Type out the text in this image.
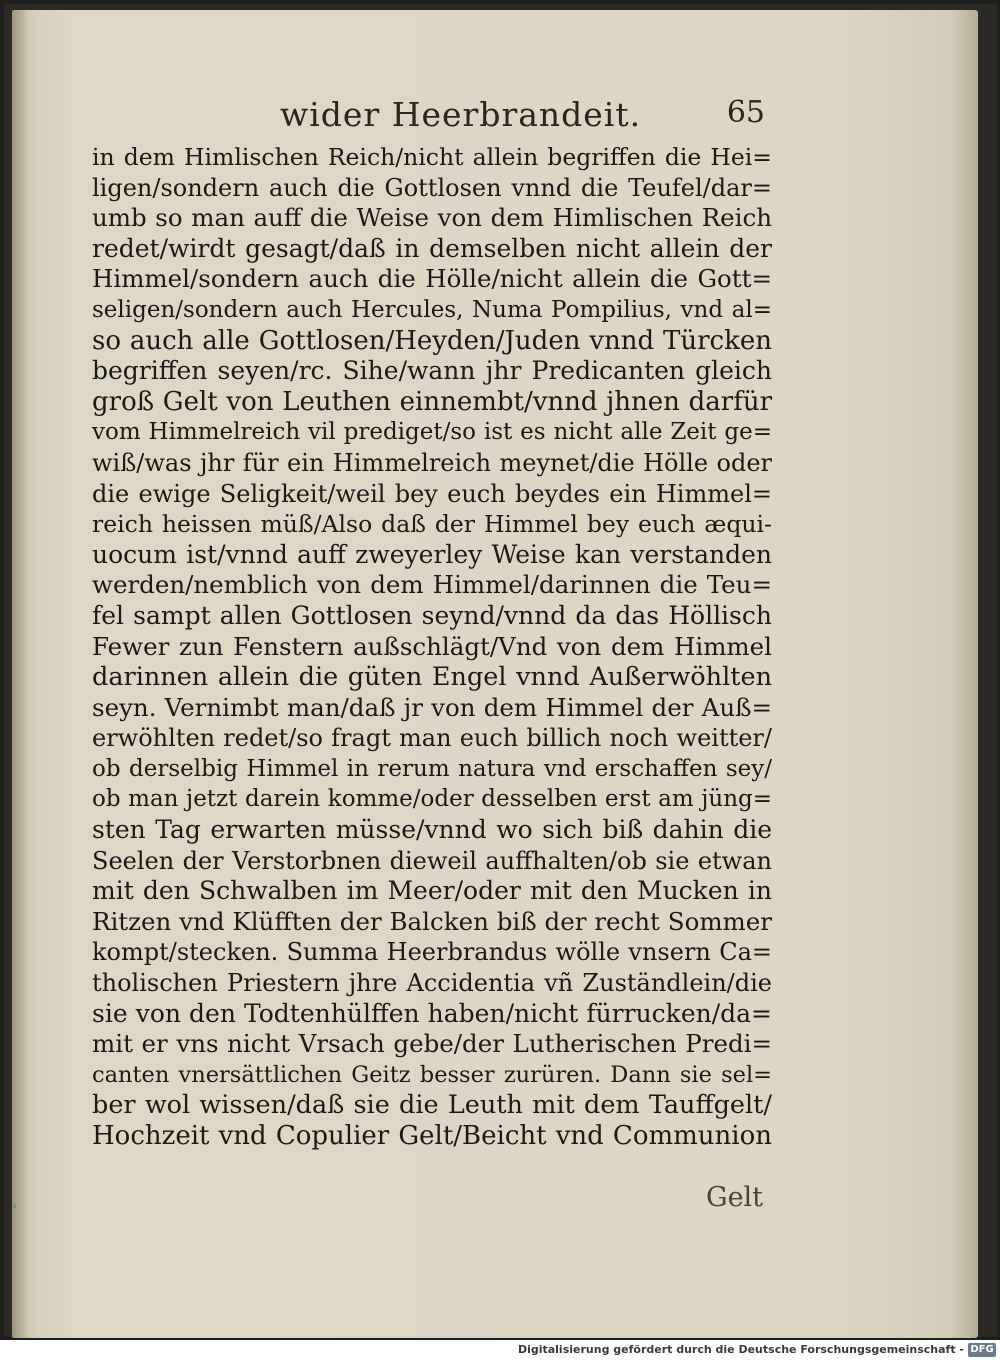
wider Heerbrandeit.	65
in dem Himlischen Reich/nicht allein begriffen die Hei=
ligen/sondern auch die Gottlosen vnnd die Teufel/dar=
umb so man auff die Weise von dem Himlischen Reich
redet/wirdt gesagt/daß in demselben nicht allein der
Himmel/sondern auch die Hölle/nicht allein die Gott=
seligen/sondern auch Hercules, Numa Pompilius, vnd al=
so auch alle Gottlosen/Heyden/Juden vnnd Türcken
begriffen seyen/rc. Sihe/wann jhr Predicanten gleich
groß Gelt von Leuthen einnembt/vnnd jhnen darfür
vom Himmelreich vil prediget/so ist es nicht alle Zeit ge=
wiß/was jhr für ein Himmelreich meynet/die Hölle oder
die ewige Seligkeit/weil bey euch beydes ein Himmel=
reich heissen müß/Also daß der Himmel bey euch æqui-
uocum ist/vnnd auff zweyerley Weise kan verstanden
werden/nemblich von dem Himmel/darinnen die Teu=
fel sampt allen Gottlosen seynd/vnnd da das Höllisch
Fewer zun Fenstern außschlägt/Vnd von dem Himmel
darinnen allein die güten Engel vnnd Außerwöhlten
seyn. Vernimbt man/daß jr von dem Himmel der Auß=
erwöhlten redet/so fragt man euch billich noch weitter/
ob derselbig Himmel in rerum natura vnd erschaffen sey/
ob man jetzt darein komme/oder desselben erst am jüng=
sten Tag erwarten müsse/vnnd wo sich biß dahin die
Seelen der Verstorbnen dieweil auffhalten/ob sie etwan
mit den Schwalben im Meer/oder mit den Mucken in
Ritzen vnd Klüfften der Balcken biß der recht Sommer
kompt/stecken. Summa Heerbrandus wölle vnsern Ca=
tholischen Priestern jhre Accidentia vñ Zuständlein/die
sie von den Todtenhülffen haben/nicht fürrucken/da=
mit er vns nicht Vrsach gebe/der Lutherischen Predi=
canten vnersättlichen Geitz besser zurüren. Dann sie sel=
ber wol wissen/daß sie die Leuth mit dem Tauffgelt/
Hochzeit vnd Copulier Gelt/Beicht vnd Communion
Gelt
•
Digitalisierung gefördert durch die Deutsche Forschungsgemeinschaft - DFG
